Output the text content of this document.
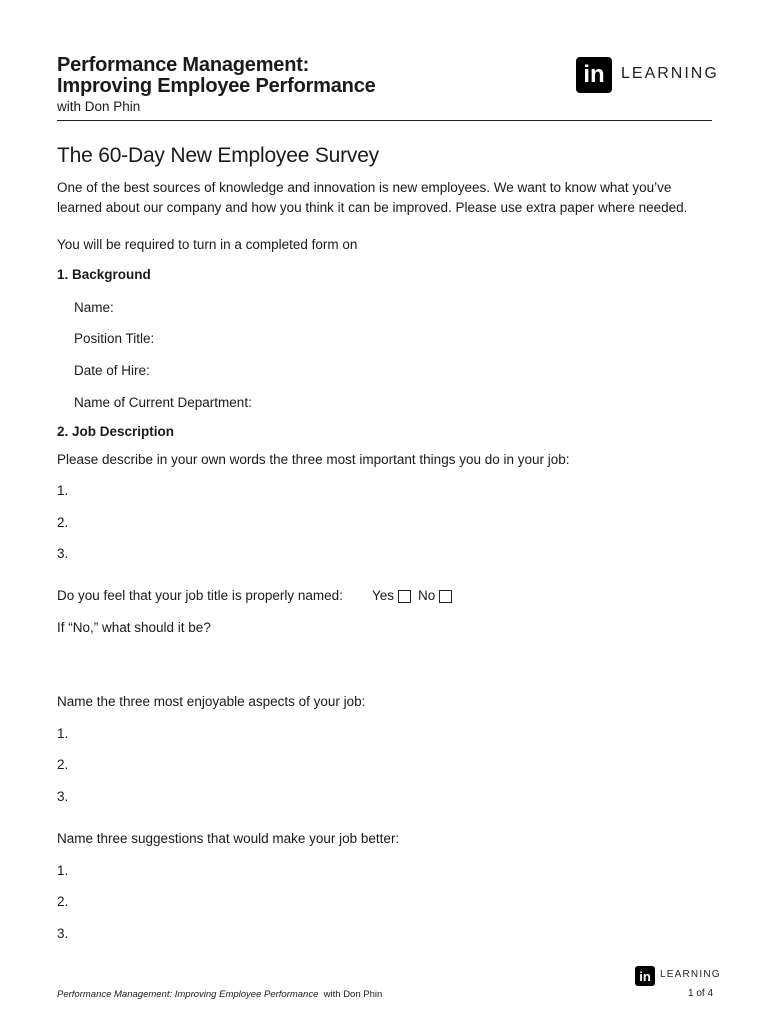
Performance Management:
Improving Employee Performance
with Don Phin
in	LEARNING
The 60-Day New Employee Survey
One of the best sources of knowledge and innovation is new employees. We want to know what you’ve
learned about our company and how you think it can be improved. Please use extra paper where needed.
You will be required to turn in a completed form on
1. Background
Name:
Position Title:
Date of Hire:
Name of Current Department:
2. Job Description
Please describe in your own words the three most important things you do in your job:
1.
2.
3.
Do you feel that your job title is properly named: Yes	No
If “No,” what should it be?
Name the three most enjoyable aspects of your job:
1.
2.
3.
Name three suggestions that would make your job better:
1.
2.
3.
in LEARNING
Performance Management: Improving Employee Performance with Don Phin	1 of 4
